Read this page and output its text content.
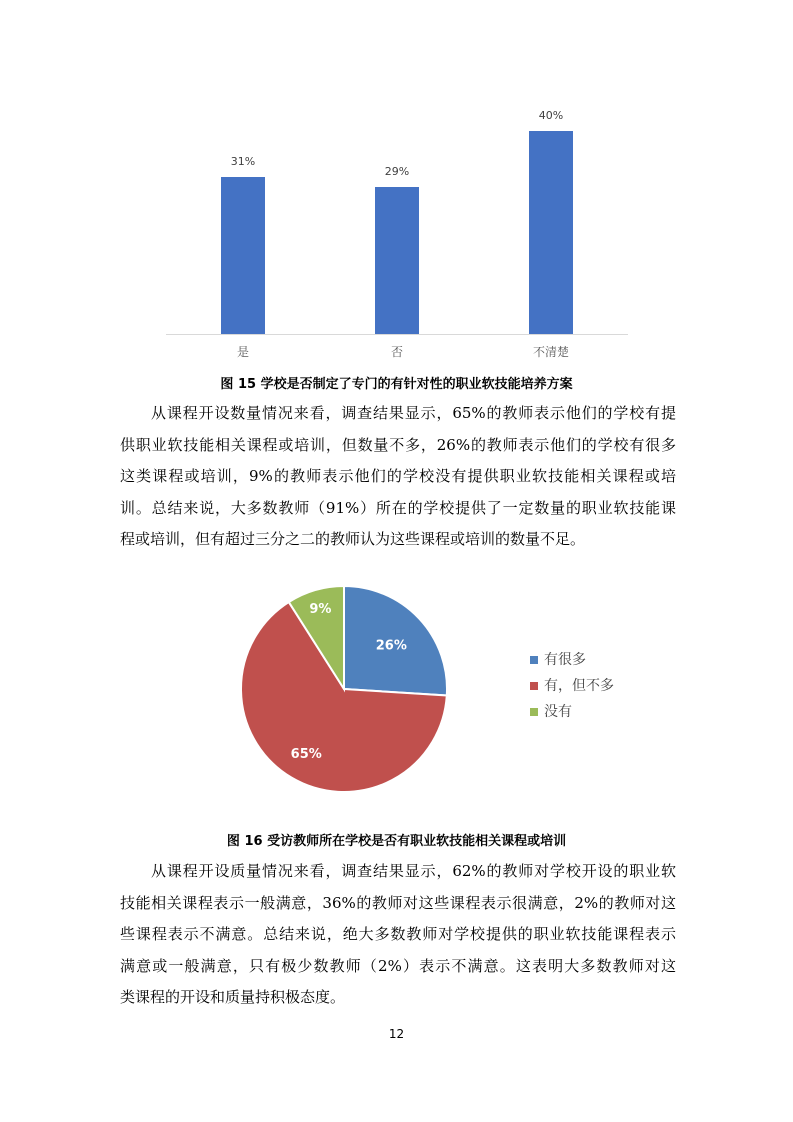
31%
29%
40%
是	否	不清楚
图 15 学校是否制定了专门的有针对性的职业软技能培养方案
从课程开设数量情况来看，调查结果显示，65%的教师表示他们的学校有提
供职业软技能相关课程或培训，但数量不多，26%的教师表示他们的学校有很多
这类课程或培训，9%的教师表示他们的学校没有提供职业软技能相关课程或培
训。总结来说，大多数教师（91%）所在的学校提供了一定数量的职业软技能课
程或培训，但有超过三分之二的教师认为这些课程或培训的数量不足。
26%
65%
9%
有很多
有，但不多
没有
图 16 受访教师所在学校是否有职业软技能相关课程或培训
从课程开设质量情况来看，调查结果显示，62%的教师对学校开设的职业软
技能相关课程表示一般满意，36%的教师对这些课程表示很满意，2%的教师对这
些课程表示不满意。总结来说，绝大多数教师对学校提供的职业软技能课程表示
满意或一般满意，只有极少数教师（2%）表示不满意。这表明大多数教师对这
类课程的开设和质量持积极态度。
12
